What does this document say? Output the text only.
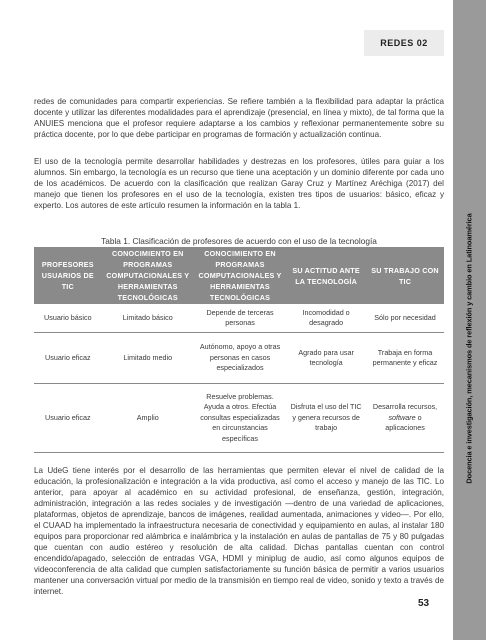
REDES 02
Docencia e investigación, mecanismos de reflexión y cambio en Latinoamérica

redes de comunidades para compartir experiencias. Se refiere también a la flexibilidad para adaptar la práctica docente y utilizar las diferentes modalidades para el aprendizaje (presencial, en línea y mixto), de tal forma que la ANUIES menciona que el profesor requiere adaptarse a los cambios y reflexionar permanentemente sobre su práctica docente, por lo que debe participar en programas de formación y actualización continua.

El uso de la tecnología permite desarrollar habilidades y destrezas en los profesores, útiles para guiar a los alumnos. Sin embargo, la tecnología es un recurso que tiene una aceptación y un dominio diferente por cada uno de los académicos. De acuerdo con la clasificación que realizan Garay Cruz y Martínez Aréchiga (2017) del manejo que tienen los profesores en el uso de la tecnología, existen tres tipos de usuarios: básico, eficaz y experto. Los autores de este artículo resumen la información en la tabla 1.

Tabla 1. Clasificación de profesores de acuerdo con el uso de la tecnología
PROFESORES USUARIOS DE TIC	CONOCIMIENTO EN PROGRAMAS COMPUTACIONALES Y HERRAMIENTAS TECNOLÓGICAS	CONOCIMIENTO EN PROGRAMAS COMPUTACIONALES Y HERRAMIENTAS TECNOLÓGICAS	SU ACTITUD ANTE LA TECNOLOGÍA	SU TRABAJO CON TIC
Usuario básico	Limitado básico	Depende de terceras personas	Incomodidad o desagrado	Sólo por necesidad
Usuario eficaz	Limitado medio	Autónomo, apoyo a otras personas en casos especializados	Agrado para usar tecnología	Trabaja en forma permanente y eficaz
Usuario eficaz	Amplio	Resuelve problemas. Ayuda a otros. Efectúa consultas especializadas en circunstancias específicas	Disfruta el uso del TIC y genera recursos de trabajo	Desarrolla recursos, software o aplicaciones

La UdeG tiene interés por el desarrollo de las herramientas que permiten elevar el nivel de calidad de la educación, la profesionalización e integración a la vida productiva, así como el acceso y manejo de las TIC. Lo anterior, para apoyar al académico en su actividad profesional, de enseñanza, gestión, integración, administración, integración a las redes sociales y de investigación —dentro de una variedad de aplicaciones, plataformas, objetos de aprendizaje, bancos de imágenes, realidad aumentada, animaciones y video—. Por ello, el CUAAD ha implementado la infraestructura necesaria de conectividad y equipamiento en aulas, al instalar 180 equipos para proporcionar red alámbrica e inalámbrica y la instalación en aulas de pantallas de 75 y 80 pulgadas que cuentan con audio estéreo y resolución de alta calidad. Dichas pantallas cuentan con control encendido/apagado, selección de entradas VGA, HDMI y miniplug de audio, así como algunos equipos de videoconferencia de alta calidad que cumplen satisfactoriamente su función básica de permitir a varios usuarios mantener una conversación virtual por medio de la transmisión en tiempo real de video, sonido y texto a través de internet.

53
